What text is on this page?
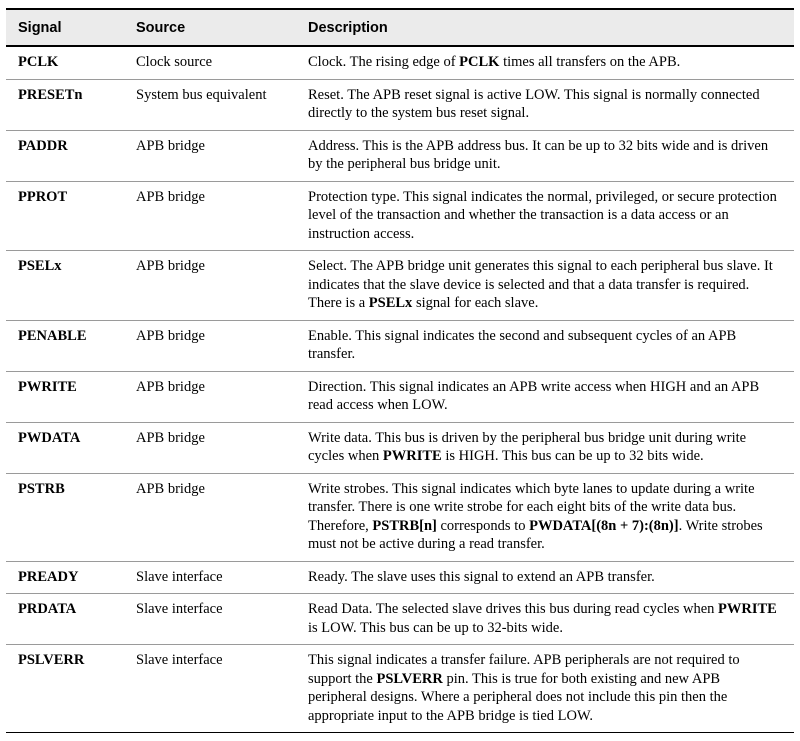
Signal	Source	Description
PCLK	Clock source	Clock. The rising edge of PCLK times all transfers on the APB.
PRESETn	System bus equivalent	Reset. The APB reset signal is active LOW. This signal is normally connected directly to the system bus reset signal.
PADDR	APB bridge	Address. This is the APB address bus. It can be up to 32 bits wide and is driven by the peripheral bus bridge unit.
PPROT	APB bridge	Protection type. This signal indicates the normal, privileged, or secure protection level of the transaction and whether the transaction is a data access or an instruction access.
PSELx	APB bridge	Select. The APB bridge unit generates this signal to each peripheral bus slave. It indicates that the slave device is selected and that a data transfer is required. There is a PSELx signal for each slave.
PENABLE	APB bridge	Enable. This signal indicates the second and subsequent cycles of an APB transfer.
PWRITE	APB bridge	Direction. This signal indicates an APB write access when HIGH and an APB read access when LOW.
PWDATA	APB bridge	Write data. This bus is driven by the peripheral bus bridge unit during write cycles when PWRITE is HIGH. This bus can be up to 32 bits wide.
PSTRB	APB bridge	Write strobes. This signal indicates which byte lanes to update during a write transfer. There is one write strobe for each eight bits of the write data bus. Therefore, PSTRB[n] corresponds to PWDATA[(8n + 7):(8n)]. Write strobes must not be active during a read transfer.
PREADY	Slave interface	Ready. The slave uses this signal to extend an APB transfer.
PRDATA	Slave interface	Read Data. The selected slave drives this bus during read cycles when PWRITE is LOW. This bus can be up to 32-bits wide.
PSLVERR	Slave interface	This signal indicates a transfer failure. APB peripherals are not required to support the PSLVERR pin. This is true for both existing and new APB peripheral designs. Where a peripheral does not include this pin then the appropriate input to the APB bridge is tied LOW.
